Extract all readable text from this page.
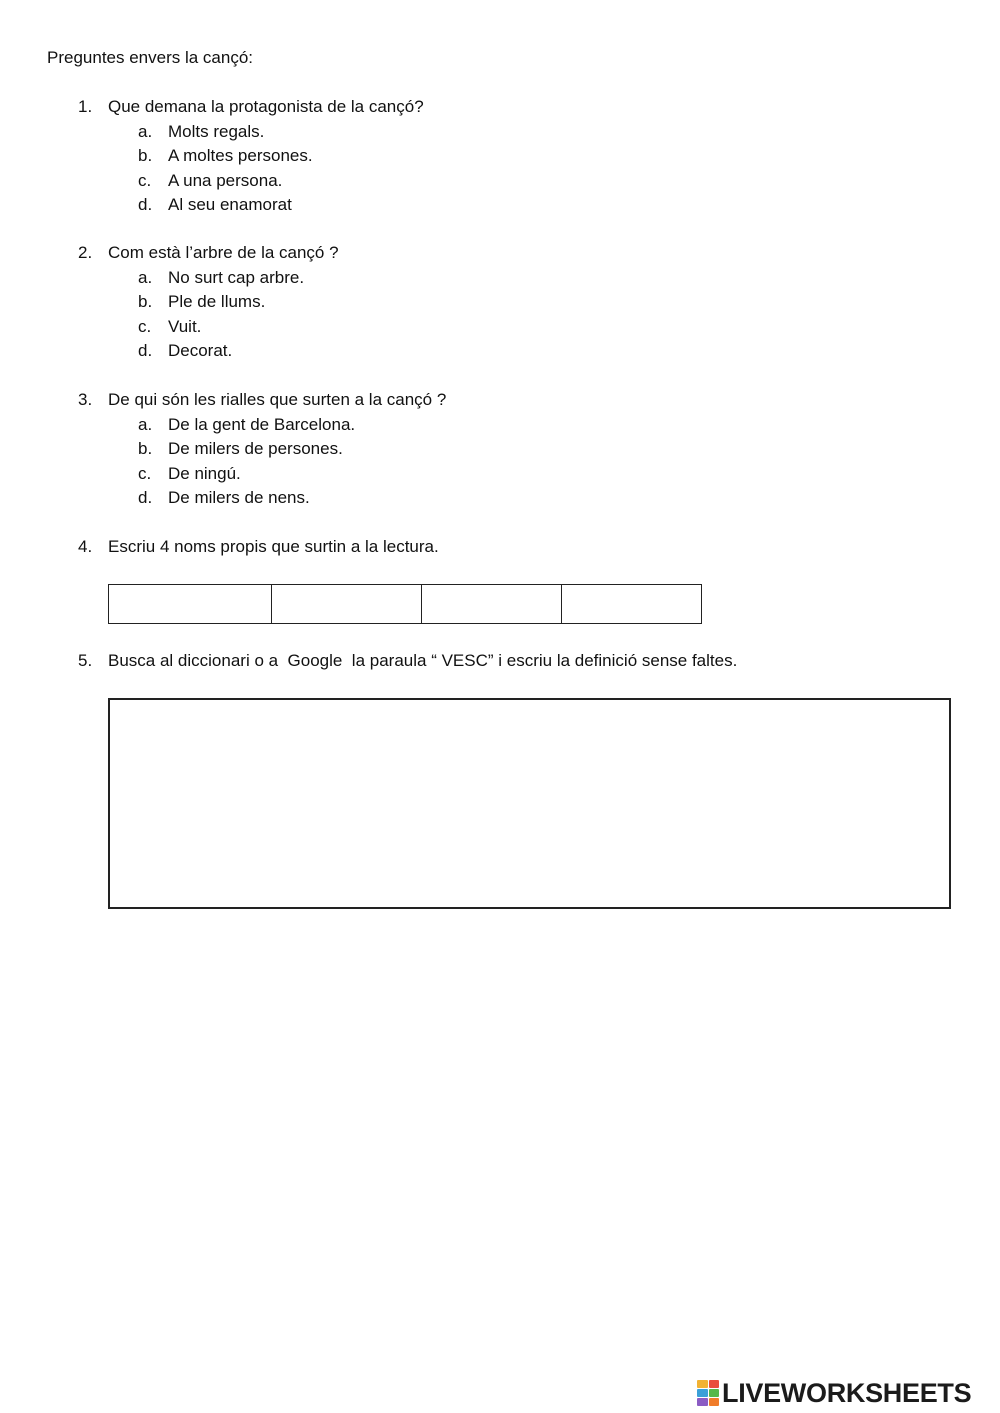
Preguntes envers la cançó:
1. Que demana la protagonista de la cançó?
a. Molts regals.
b. A moltes persones.
c. A una persona.
d. Al seu enamorat
2. Com està l’arbre de la cançó ?
a. No surt cap arbre.
b. Ple de llums.
c. Vuit.
d. Decorat.
3. De qui són les rialles que surten a la cançó ?
a. De la gent de Barcelona.
b. De milers de persones.
c. De ningú.
d. De milers de nens.
4. Escriu 4 noms propis que surtin a la lectura.

5. Busca al diccionari o a  Google  la paraula “ VESC” i escriu la definició sense faltes.
LIVEWORKSHEETS
